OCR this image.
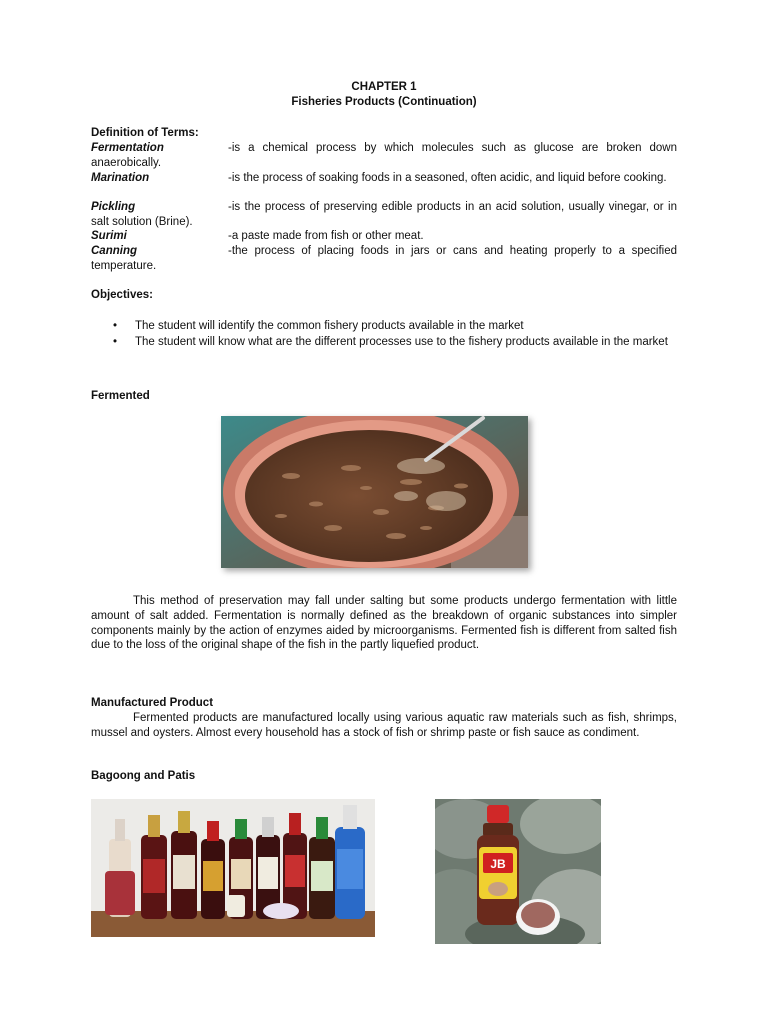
CHAPTER 1
Fisheries Products (Continuation)
Definition of Terms:
Fermentation	-is a chemical process by which molecules such as glucose are broken down anaerobically.
Marination	-is the process of soaking foods in a seasoned, often acidic, and liquid before cooking.
Pickling	-is the process of preserving edible products in an acid solution, usually vinegar, or in salt solution (Brine).
Surimi	-a paste made from fish or other meat.
Canning	-the process of placing foods in jars or cans and heating properly to a specified temperature.
Objectives:
• The student will identify the common fishery products available in the market
• The student will know what are the different processes use to the fishery products available in the market
Fermented
This method of preservation may fall under salting but some products undergo fermentation with little amount of salt added. Fermentation is normally defined as the breakdown of organic substances into simpler components mainly by the action of enzymes aided by microorganisms. Fermented fish is different from salted fish due to the loss of the original shape of the fish in the partly liquefied product.
Manufactured Product
Fermented products are manufactured locally using various aquatic raw materials such as fish, shrimps, mussel and oysters. Almost every household has a stock of fish or shrimp paste or fish sauce as condiment.
Bagoong and Patis
JB
